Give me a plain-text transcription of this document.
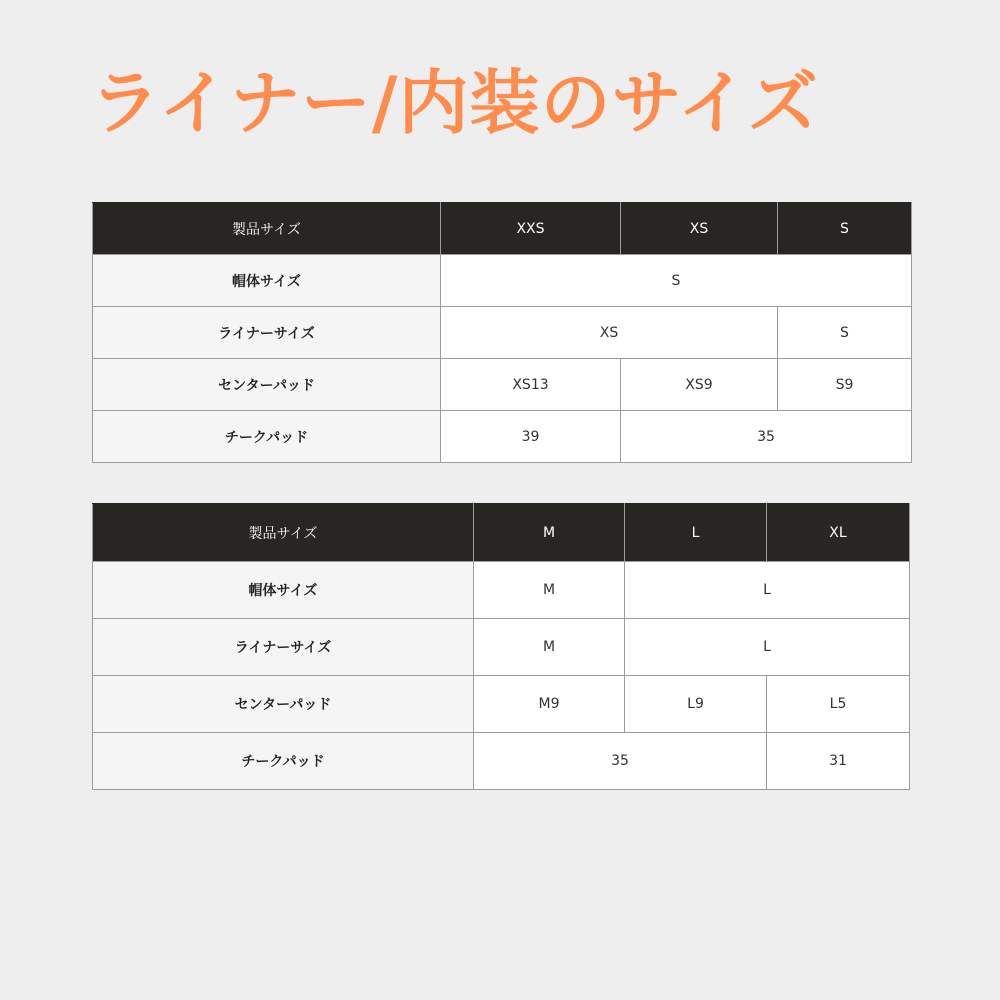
ライナー/内装のサイズ
製品サイズ	XXS	XS	S
帽体サイズ	S		
ライナーサイズ	XS		S
センターパッド	XS13	XS9	S9
チークパッド	39	35	
製品サイズ	M	L	XL
帽体サイズ	M	L	
ライナーサイズ	M	L	
センターパッド	M9	L9	L5
チークパッド	35		31
